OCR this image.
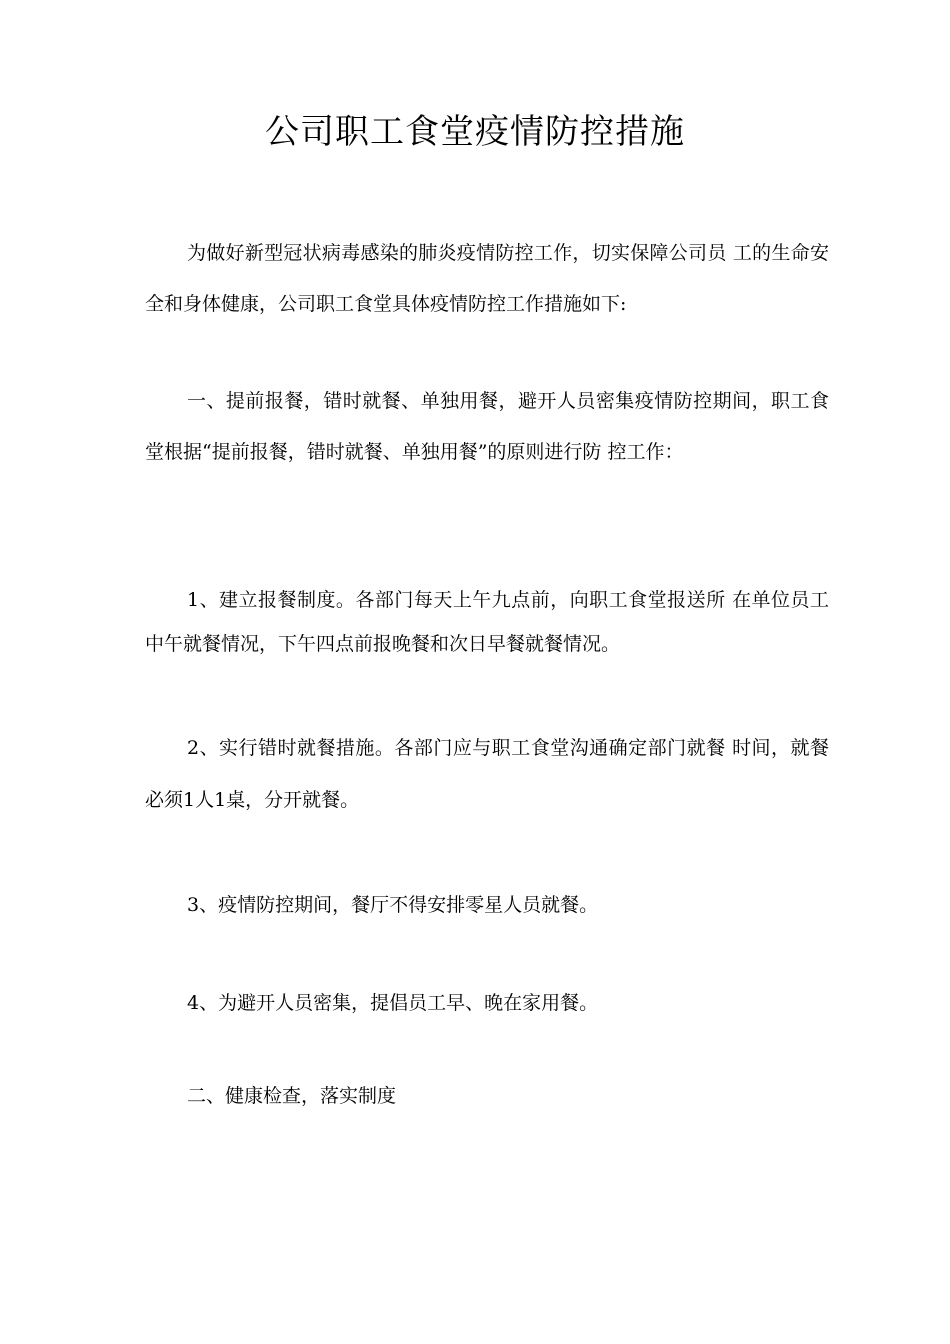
公司职工食堂疫情防控措施

为做好新型冠状病毒感染的肺炎疫情防控工作，切实保障公司员 工的生命安全和身体健康，公司职工食堂具体疫情防控工作措施如下:

一、提前报餐，错时就餐、单独用餐，避开人员密集疫情防控期间，职工食堂根据“提前报餐，错时就餐、单独用餐”的原则进行防 控工作：

1、建立报餐制度。各部门每天上午九点前，向职工食堂报送所 在单位员工中午就餐情况，下午四点前报晚餐和次日早餐就餐情况。

2、实行错时就餐措施。各部门应与职工食堂沟通确定部门就餐 时间，就餐必须1人1桌，分开就餐。

3、疫情防控期间，餐厅不得安排零星人员就餐。

4、为避开人员密集，提倡员工早、晚在家用餐。

二、健康检查，落实制度
